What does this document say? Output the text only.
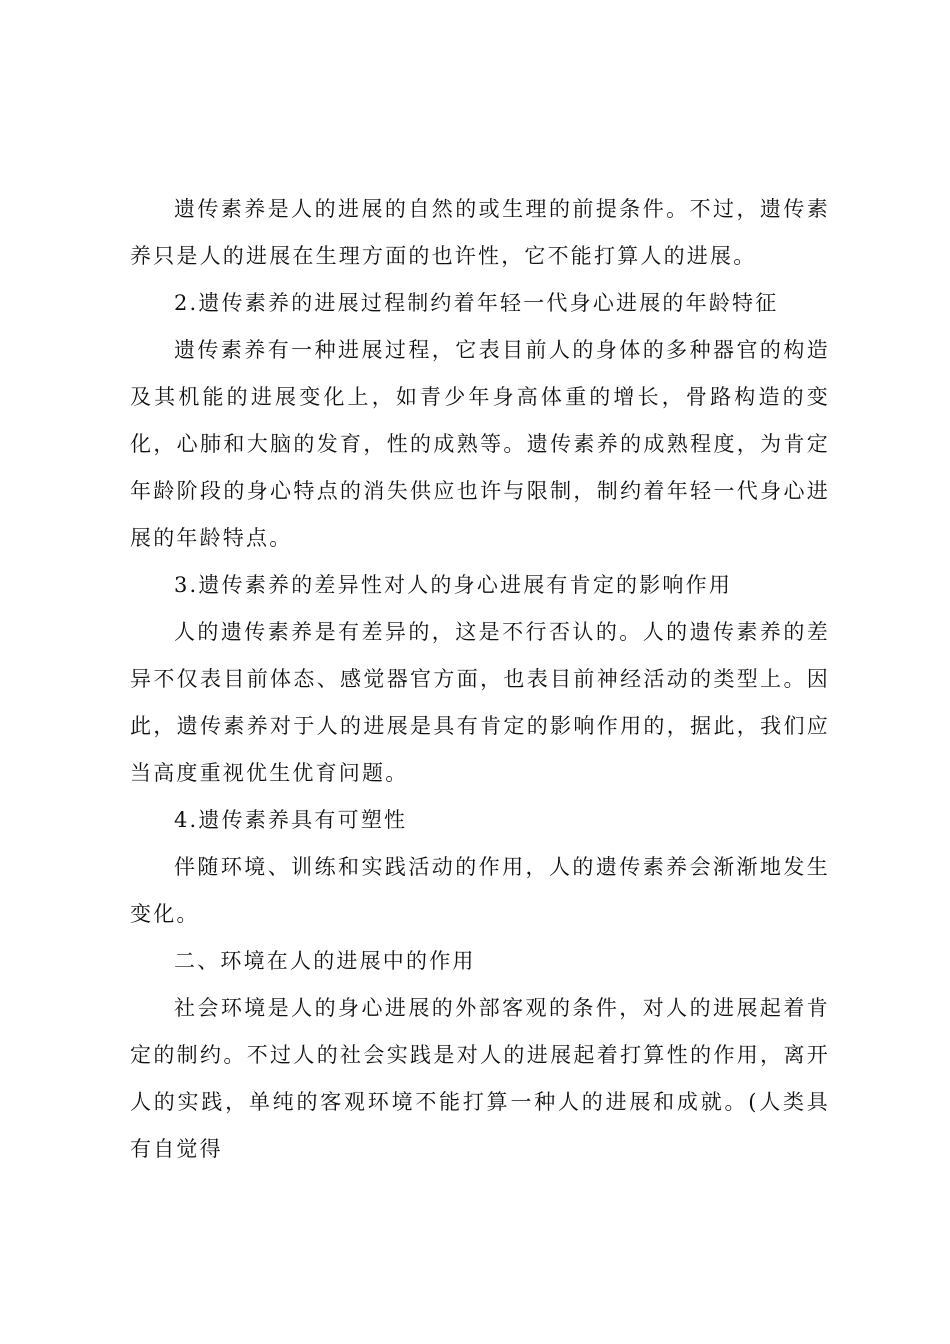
遗传素养是人的进展的自然的或生理的前提条件。不过，遗传素养只是人的进展在生理方面的也许性，它不能打算人的进展。

2.遗传素养的进展过程制约着年轻一代身心进展的年龄特征

遗传素养有一种进展过程，它表目前人的身体的多种器官的构造及其机能的进展变化上，如青少年身高体重的增长，骨路构造的变化，心肺和大脑的发育，性的成熟等。遗传素养的成熟程度，为肯定年龄阶段的身心特点的消失供应也许与限制，制约着年轻一代身心进展的年龄特点。

3.遗传素养的差异性对人的身心进展有肯定的影响作用

人的遗传素养是有差异的，这是不行否认的。人的遗传素养的差异不仅表目前体态、感觉器官方面，也表目前神经活动的类型上。因此，遗传素养对于人的进展是具有肯定的影响作用的，据此，我们应当高度重视优生优育问题。

4.遗传素养具有可塑性

伴随环境、训练和实践活动的作用，人的遗传素养会渐渐地发生变化。

二、环境在人的进展中的作用

社会环境是人的身心进展的外部客观的条件，对人的进展起着肯定的制约。不过人的社会实践是对人的进展起着打算性的作用，离开人的实践，单纯的客观环境不能打算一种人的进展和成就。(人类具有自觉得
